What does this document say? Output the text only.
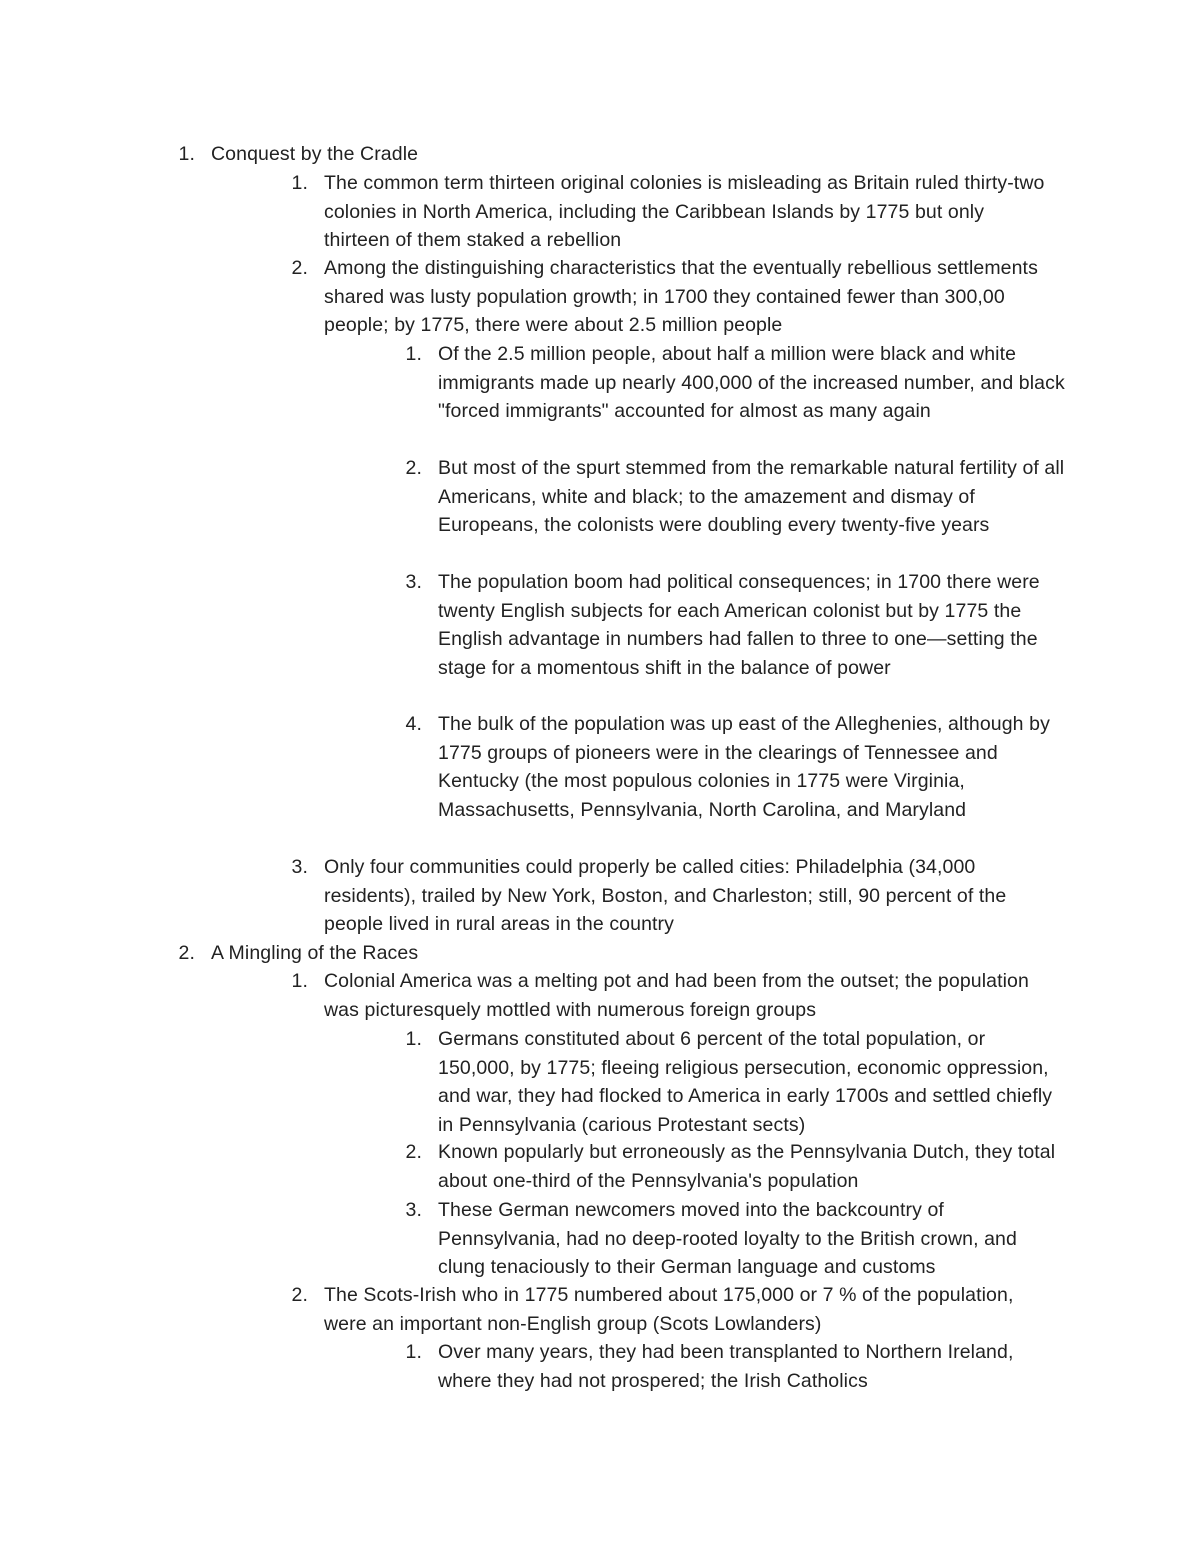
1. Conquest by the Cradle
1. The common term thirteen original colonies is misleading as Britain ruled thirty-two colonies in North America, including the Caribbean Islands by 1775 but only thirteen of them staked a rebellion
2. Among the distinguishing characteristics that the eventually rebellious settlements shared was lusty population growth; in 1700 they contained fewer than 300,00 people; by 1775, there were about 2.5 million people
1. Of the 2.5 million people, about half a million were black and white immigrants made up nearly 400,000 of the increased number, and black "forced immigrants" accounted for almost as many again
2. But most of the spurt stemmed from the remarkable natural fertility of all Americans, white and black; to the amazement and dismay of Europeans, the colonists were doubling every twenty-five years
3. The population boom had political consequences; in 1700 there were twenty English subjects for each American colonist but by 1775 the English advantage in numbers had fallen to three to one—setting the stage for a momentous shift in the balance of power
4. The bulk of the population was up east of the Alleghenies, although by 1775 groups of pioneers were in the clearings of Tennessee and Kentucky (the most populous colonies in 1775 were Virginia, Massachusetts, Pennsylvania, North Carolina, and Maryland
3. Only four communities could properly be called cities: Philadelphia (34,000 residents), trailed by New York, Boston, and Charleston; still, 90 percent of the people lived in rural areas in the country
2. A Mingling of the Races
1. Colonial America was a melting pot and had been from the outset; the population was picturesquely mottled with numerous foreign groups
1. Germans constituted about 6 percent of the total population, or 150,000, by 1775; fleeing religious persecution, economic oppression, and war, they had flocked to America in early 1700s and settled chiefly in Pennsylvania (carious Protestant sects)
2. Known popularly but erroneously as the Pennsylvania Dutch, they total about one-third of the Pennsylvania's population
3. These German newcomers moved into the backcountry of Pennsylvania, had no deep-rooted loyalty to the British crown, and clung tenaciously to their German language and customs
2. The Scots-Irish who in 1775 numbered about 175,000 or 7 % of the population, were an important non-English group (Scots Lowlanders)
1. Over many years, they had been transplanted to Northern Ireland, where they had not prospered; the Irish Catholics
